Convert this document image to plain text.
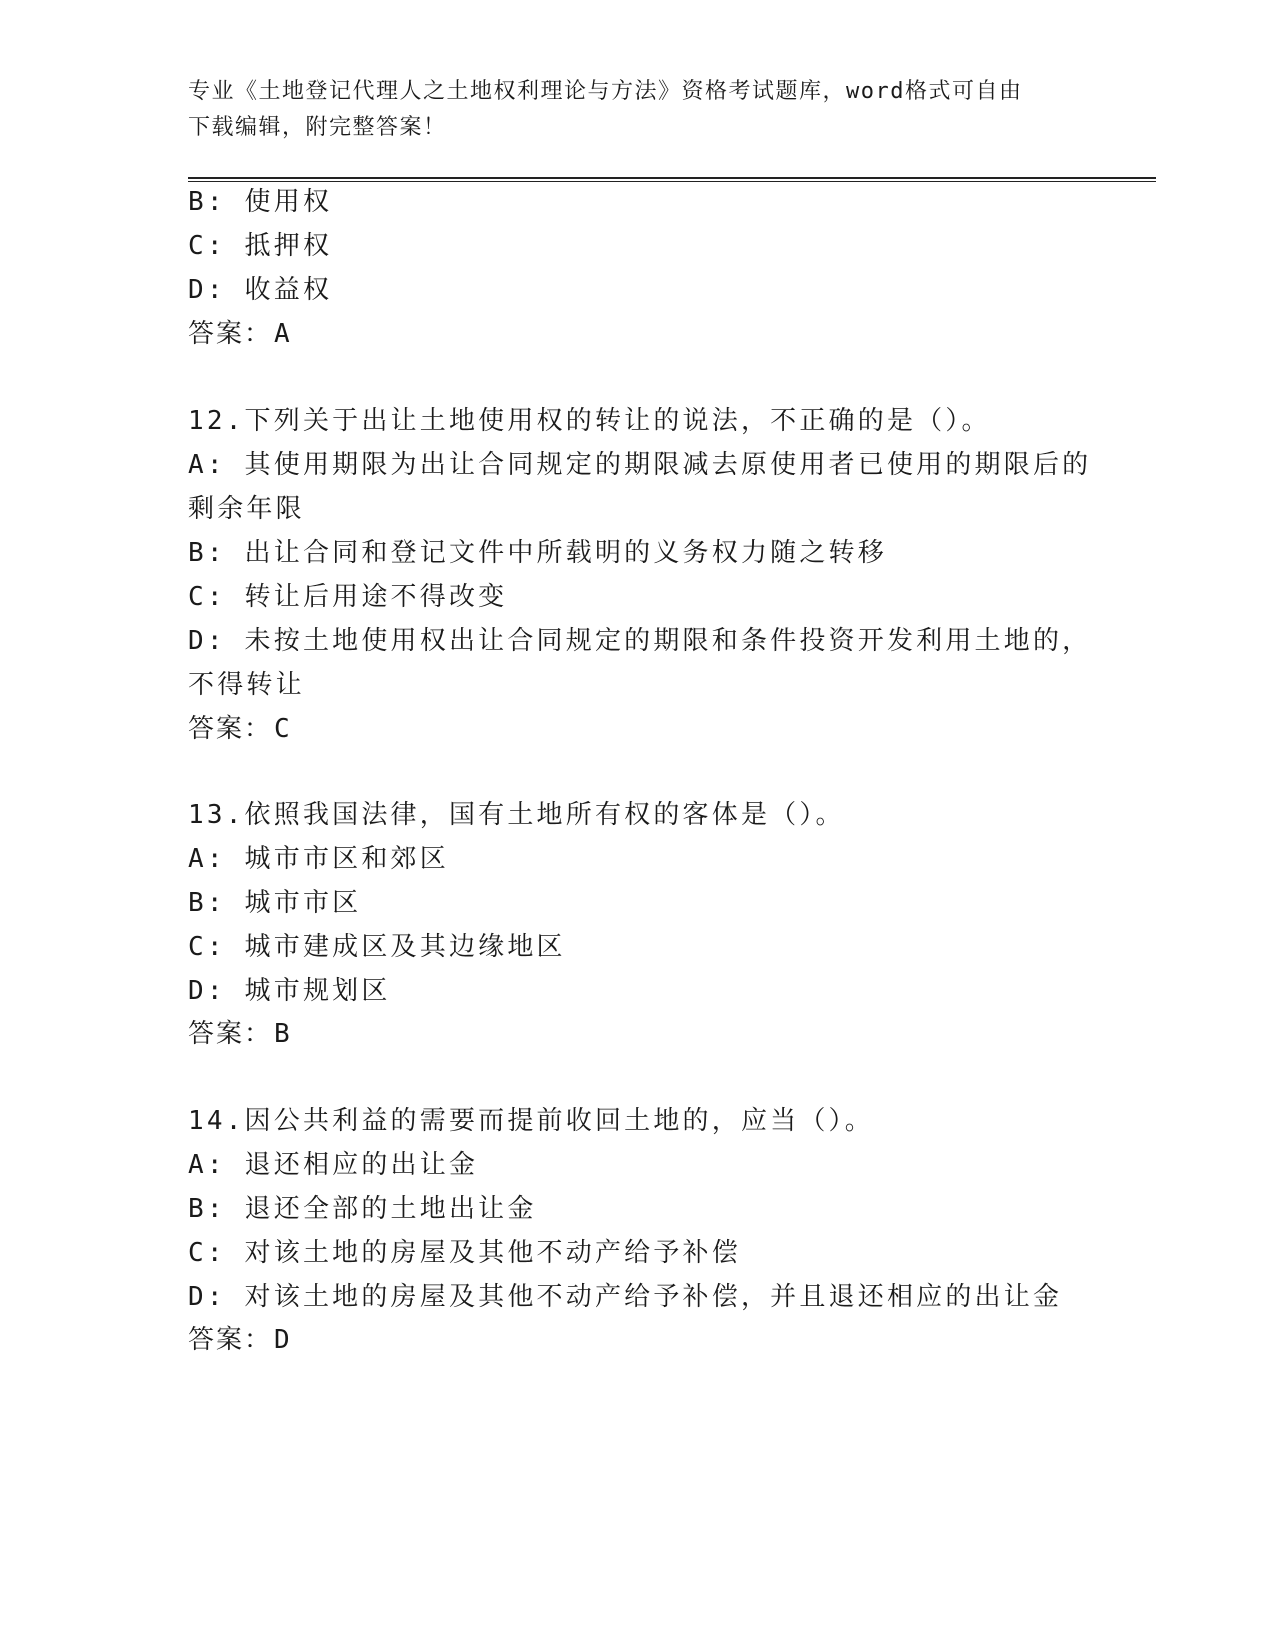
专业《土地登记代理人之土地权利理论与方法》资格考试题库，word格式可自由
下载编辑，附完整答案！
B: 使用权
C: 抵押权
D: 收益权
答案：A
12.下列关于出让土地使用权的转让的说法，不正确的是（）。
A: 其使用期限为出让合同规定的期限减去原使用者已使用的期限后的
剩余年限
B: 出让合同和登记文件中所载明的义务权力随之转移
C: 转让后用途不得改变
D: 未按土地使用权出让合同规定的期限和条件投资开发利用土地的，
不得转让
答案：C
13.依照我国法律，国有土地所有权的客体是（）。
A: 城市市区和郊区
B: 城市市区
C: 城市建成区及其边缘地区
D: 城市规划区
答案：B
14.因公共利益的需要而提前收回土地的，应当（）。
A: 退还相应的出让金
B: 退还全部的土地出让金
C: 对该土地的房屋及其他不动产给予补偿
D: 对该土地的房屋及其他不动产给予补偿，并且退还相应的出让金
答案：D
